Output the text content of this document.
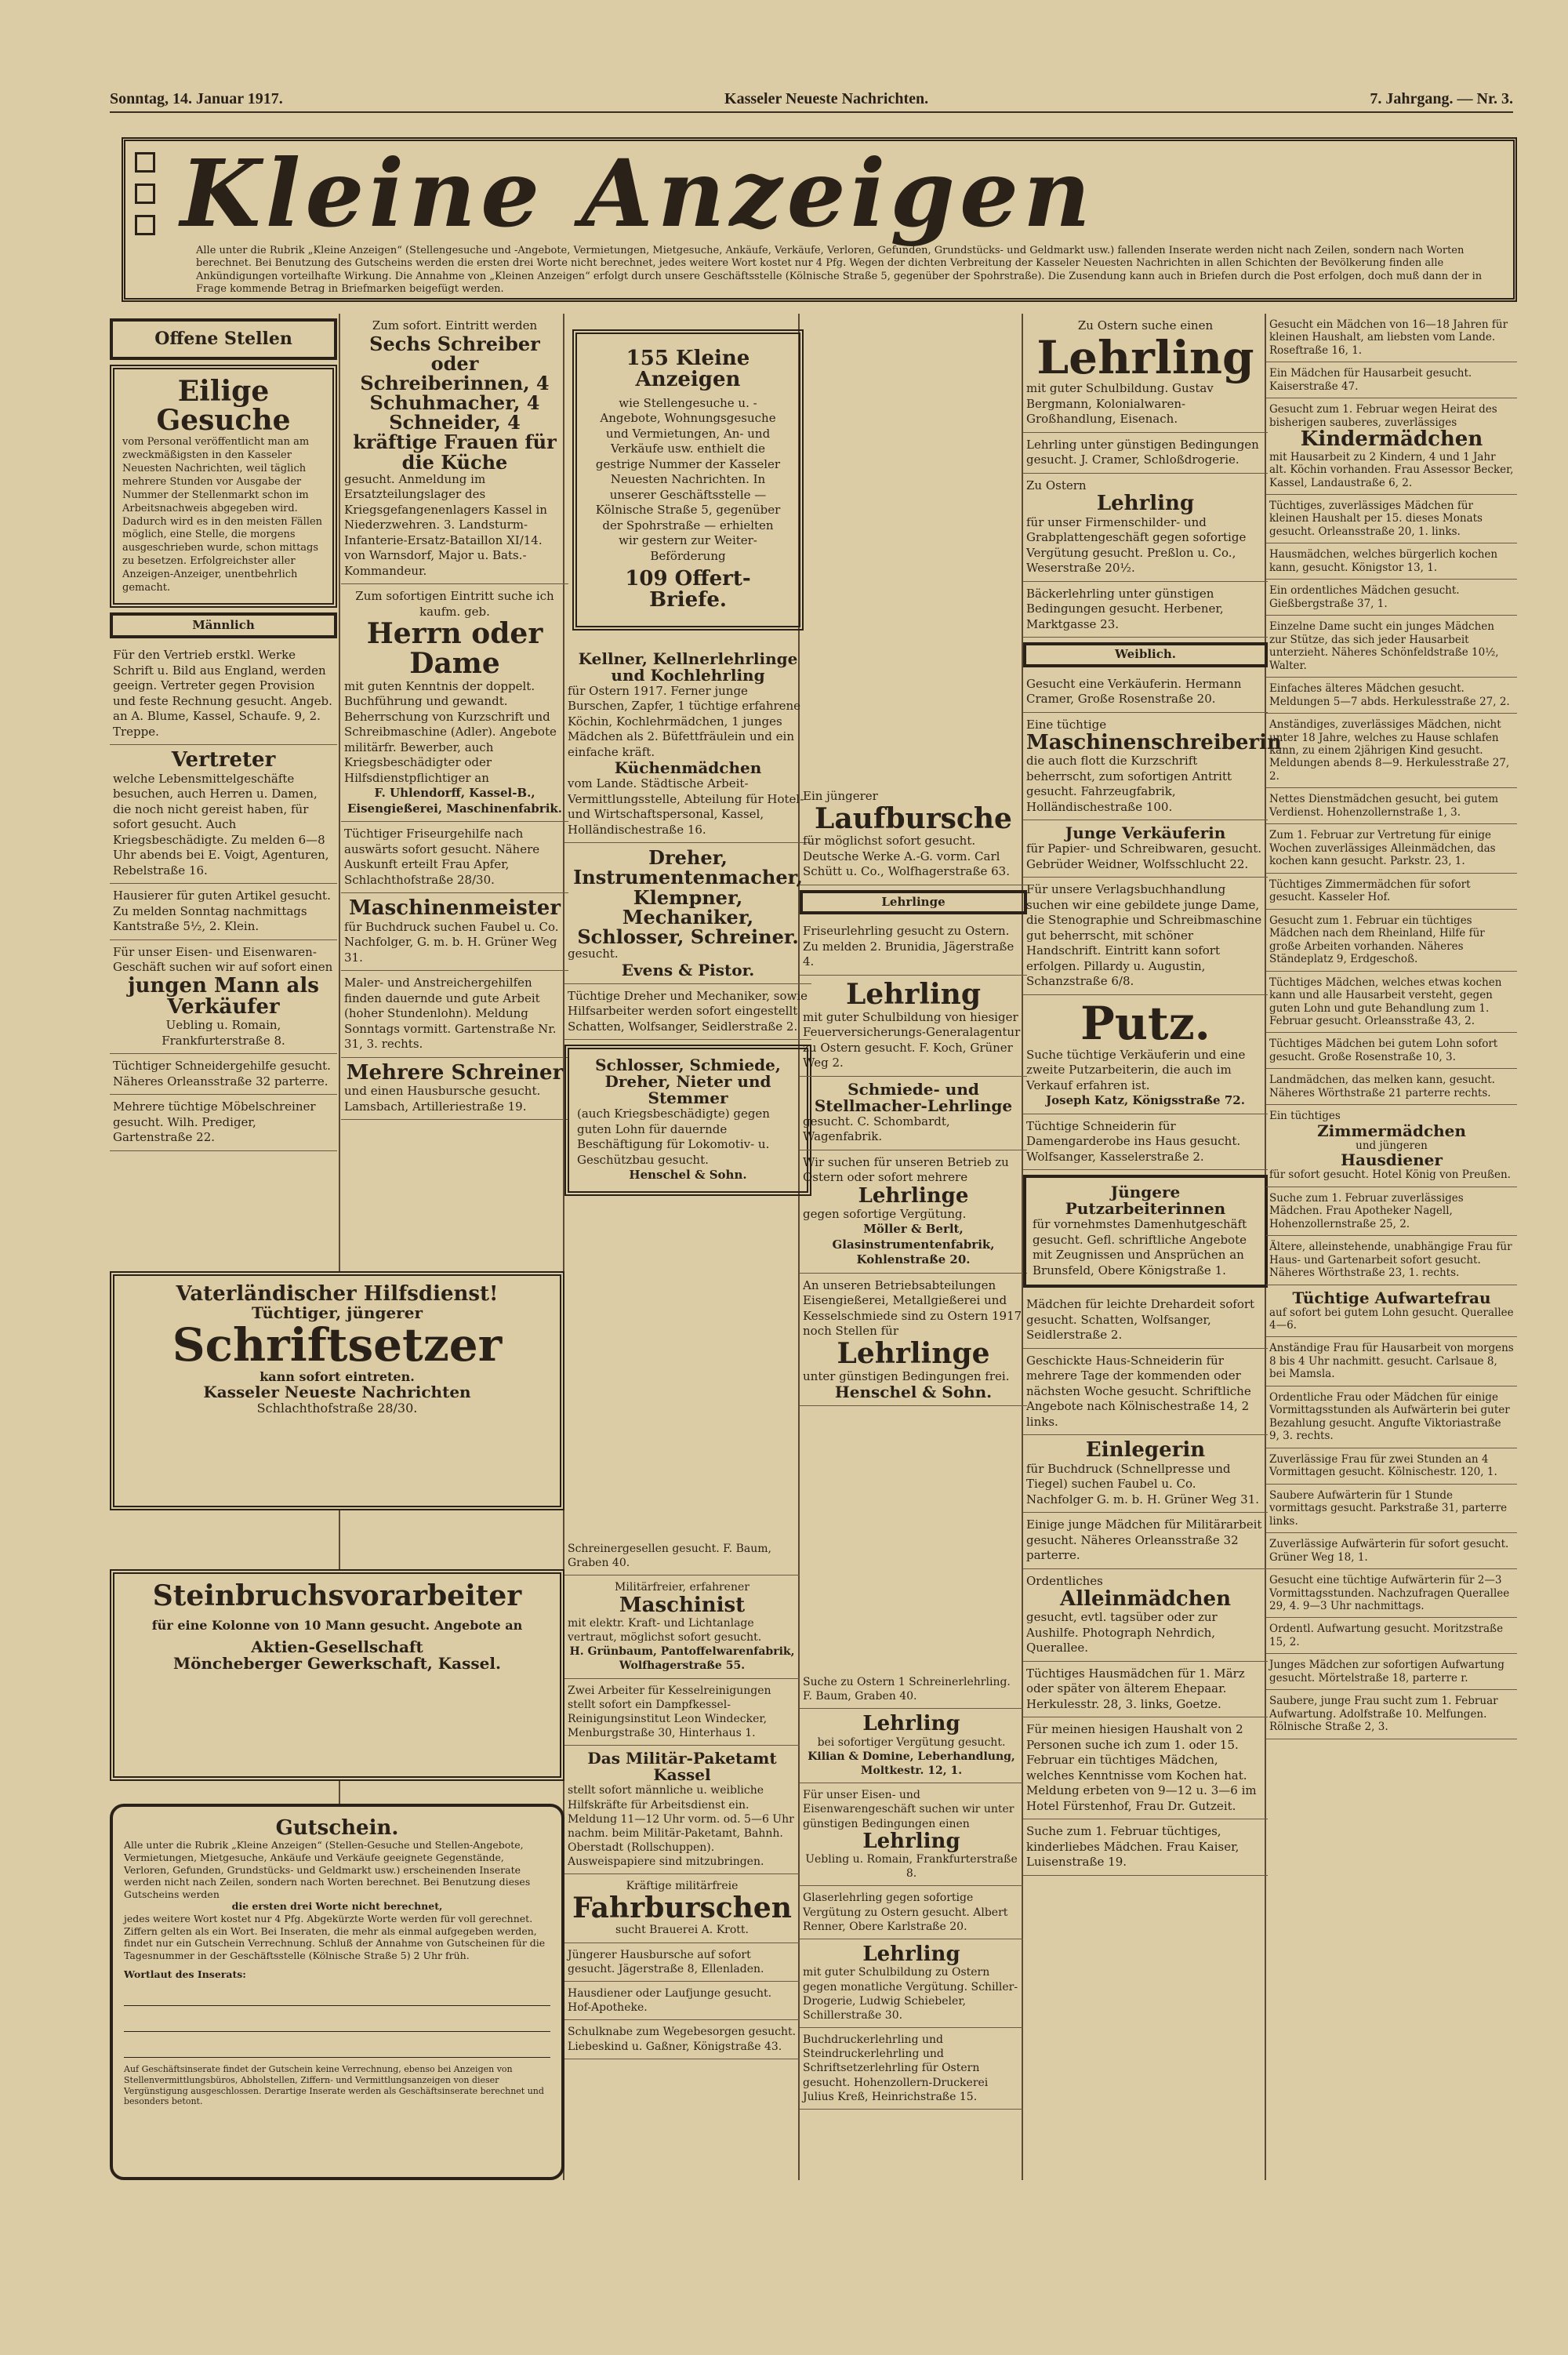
Sonntag, 14. Januar 1917.	Kasseler Neueste Nachrichten.	7. Jahrgang. — Nr. 3.
Kleine Anzeigen
Alle unter die Rubrik „Kleine Anzeigen“ (Stellengesuche und -Angebote, Vermietungen, Mietgesuche, Ankäufe, Verkäufe, Verloren, Gefunden, Grundstücks- und Geldmarkt usw.) fallenden Inserate werden nicht nach Zeilen, sondern nach Worten berechnet. Bei Benutzung des Gutscheins werden die ersten drei Worte nicht berechnet, jedes weitere Wort kostet nur 4 Pfg. Wegen der dichten Verbreitung der Kasseler Neuesten Nachrichten in allen Schichten der Bevölkerung finden alle Ankündigungen vorteilhafte Wirkung. Die Annahme von „Kleinen Anzeigen“ erfolgt durch unsere Geschäftsstelle (Kölnische Straße 5, gegenüber der Spohrstraße). Die Zusendung kann auch in Briefen durch die Post erfolgen, doch muß dann der in Frage kommende Betrag in Briefmarken beigefügt werden.
Offene Stellen
Eilige Gesuche
vom Personal veröffentlicht man am zweckmäßigsten in den Kasseler Neuesten Nachrichten, weil täglich mehrere Stunden vor Ausgabe der Nummer der Stellenmarkt schon im Arbeitsnachweis abgegeben wird. Dadurch wird es in den meisten Fällen möglich, eine Stelle, die morgens ausgeschrieben wurde, schon mittags zu besetzen. Erfolgreichster aller Anzeigen-Anzeiger, unentbehrlich gemacht.
Männlich
Für den Vertrieb erstkl. Werke Schrift u. Bild aus England, werden geeign. Vertreter gegen Provision und feste Rechnung gesucht. Angeb. an A. Blume, Kassel, Schaufe. 9, 2. Treppe.
Vertreter
welche Lebensmittelgeschäfte besuchen, auch Herren u. Damen, die noch nicht gereist haben, für sofort gesucht. Auch Kriegsbeschädigte. Zu melden 6—8 Uhr abends bei E. Voigt, Agenturen, Rebelstraße 16.
Hausierer für guten Artikel gesucht. Zu melden Sonntag nachmittags Kantstraße 5½, 2. Klein.
Für unser Eisen- und Eisenwaren-Geschäft suchen wir auf sofort einen
jungen Mann als Verkäufer
Uebling u. Romain, Frankfurterstraße 8.
Tüchtiger Schneidergehilfe gesucht. Näheres Orleansstraße 32 parterre.
Mehrere tüchtige Möbelschreiner gesucht. Wilh. Prediger, Gartenstraße 22.
Zum sofort. Eintritt werden
Sechs Schreiber oder Schreiberinnen, 4 Schuhmacher, 4 Schneider, 4 kräftige Frauen für die Küche
gesucht. Anmeldung im Ersatzteilungslager des Kriegsgefangenenlagers Kassel in Niederzwehren. 3. Landsturm-Infanterie-Ersatz-Bataillon XI/14. von Warnsdorf, Major u. Bats.-Kommandeur.
Zum sofortigen Eintritt suche ich kaufm. geb.
Herrn oder Dame
mit guten Kenntnis der doppelt. Buchführung und gewandt. Beherrschung von Kurzschrift und Schreibmaschine (Adler). Angebote militärfr. Bewerber, auch Kriegsbeschädigter oder Hilfsdienstpflichtiger an
F. Uhlendorff, Kassel-B., Eisengießerei, Maschinenfabrik.
Tüchtiger Friseurgehilfe nach auswärts sofort gesucht. Nähere Auskunft erteilt Frau Apfer, Schlachthofstraße 28/30.
Maschinenmeister
für Buchdruck suchen Faubel u. Co. Nachfolger, G. m. b. H. Grüner Weg 31.
Maler- und Anstreichergehilfen finden dauernde und gute Arbeit (hoher Stundenlohn). Meldung Sonntags vormitt. Gartenstraße Nr. 31, 3. rechts.
Mehrere Schreiner
und einen Hausbursche gesucht. Lamsbach, Artilleriestraße 19.
155 Kleine Anzeigen
wie Stellengesuche u. -Angebote, Wohnungsgesuche und Vermietungen, An- und Verkäufe usw. enthielt die gestrige Nummer der Kasseler Neuesten Nachrichten. In unserer Geschäftsstelle — Kölnische Straße 5, gegenüber der Spohrstraße — erhielten wir gestern zur Weiter-Beförderung
109 Offert-Briefe.
Kellner, Kellnerlehrlinge und Kochlehrling
für Ostern 1917. Ferner junge Burschen, Zapfer, 1 tüchtige erfahrene Köchin, Kochlehrmädchen, 1 junges Mädchen als 2. Büfettfräulein und ein einfache kräft.
Küchenmädchen
vom Lande. Städtische Arbeit-Vermittlungsstelle, Abteilung für Hotel- und Wirtschaftspersonal, Kassel, Holländischestraße 16.
Dreher, Instrumentenmacher, Klempner, Mechaniker, Schlosser, Schreiner.
gesucht.
Evens & Pistor.
Tüchtige Dreher und Mechaniker, sowie Hilfsarbeiter werden sofort eingestellt Schatten, Wolfsanger, Seidlerstraße 2.
Schlosser, Schmiede, Dreher, Nieter und Stemmer
(auch Kriegsbeschädigte) gegen guten Lohn für dauernde Beschäftigung für Lokomotiv- u. Geschützbau gesucht.
Henschel & Sohn.
Ein jüngerer
Laufbursche
für möglichst sofort gesucht. Deutsche Werke A.-G. vorm. Carl Schütt u. Co., Wolfhagerstraße 63.
Lehrlinge
Friseurlehrling gesucht zu Ostern. Zu melden 2. Brunidia, Jägerstraße 4.
Lehrling
mit guter Schulbildung von hiesiger Feuerversicherungs-Generalagentur zu Ostern gesucht. F. Koch, Grüner Weg 2.
Schmiede- und Stellmacher-Lehrlinge
gesucht. C. Schombardt, Wagenfabrik.
Wir suchen für unseren Betrieb zu Ostern oder sofort mehrere
Lehrlinge
gegen sofortige Vergütung.
Möller & Berlt, Glasinstrumentenfabrik, Kohlenstraße 20.
An unseren Betriebsabteilungen Eisengießerei, Metallgießerei und Kesselschmiede sind zu Ostern 1917 noch Stellen für
Lehrlinge
unter günstigen Bedingungen frei.
Henschel & Sohn.
Zu Ostern suche einen
Lehrling
mit guter Schulbildung. Gustav Bergmann, Kolonialwaren-Großhandlung, Eisenach.
Lehrling unter günstigen Bedingungen gesucht. J. Cramer, Schloßdrogerie.
Zu Ostern
Lehrling
für unser Firmenschilder- und Grabplattengeschäft gegen sofortige Vergütung gesucht. Preßlon u. Co., Weserstraße 20½.
Bäckerlehrling unter günstigen Bedingungen gesucht. Herbener, Marktgasse 23.
Weiblich.
Gesucht eine Verkäuferin. Hermann Cramer, Große Rosenstraße 20.
Eine tüchtige
Maschinenschreiberin
die auch flott die Kurzschrift beherrscht, zum sofortigen Antritt gesucht. Fahrzeugfabrik, Holländischestraße 100.
Junge Verkäuferin
für Papier- und Schreibwaren, gesucht. Gebrüder Weidner, Wolfsschlucht 22.
Für unsere Verlagsbuchhandlung suchen wir eine gebildete junge Dame, die Stenographie und Schreibmaschine gut beherrscht, mit schöner Handschrift. Eintritt kann sofort erfolgen. Pillardy u. Augustin, Schanzstraße 6/8.
Putz.
Suche tüchtige Verkäuferin und eine zweite Putzarbeiterin, die auch im Verkauf erfahren ist.
Joseph Katz, Königsstraße 72.
Tüchtige Schneiderin für Damengarderobe ins Haus gesucht. Wolfsanger, Kasselerstraße 2.
Jüngere Putzarbeiterinnen
für vornehmstes Damenhutgeschäft gesucht. Gefl. schriftliche Angebote mit Zeugnissen und Ansprüchen an Brunsfeld, Obere Königstraße 1.
Mädchen für leichte Drehardeit sofort gesucht. Schatten, Wolfsanger, Seidlerstraße 2.
Geschickte Haus-Schneiderin für mehrere Tage der kommenden oder nächsten Woche gesucht. Schriftliche Angebote nach Kölnischestraße 14, 2 links.
Einlegerin
für Buchdruck (Schnellpresse und Tiegel) suchen Faubel u. Co. Nachfolger G. m. b. H. Grüner Weg 31.
Einige junge Mädchen für Militärarbeit gesucht. Näheres Orleansstraße 32 parterre.
Ordentliches
Alleinmädchen
gesucht, evtl. tagsüber oder zur Aushilfe. Photograph Nehrdich, Querallee.
Tüchtiges Hausmädchen für 1. März oder später von älterem Ehepaar. Herkulesstr. 28, 3. links, Goetze.
Für meinen hiesigen Haushalt von 2 Personen suche ich zum 1. oder 15. Februar ein tüchtiges Mädchen, welches Kenntnisse vom Kochen hat. Meldung erbeten von 9—12 u. 3—6 im Hotel Fürstenhof, Frau Dr. Gutzeit.
Suche zum 1. Februar tüchtiges, kinderliebes Mädchen. Frau Kaiser, Luisenstraße 19.
Gesucht ein Mädchen von 16—18 Jahren für kleinen Haushalt, am liebsten vom Lande. Roseftraße 16, 1.
Ein Mädchen für Hausarbeit gesucht. Kaiserstraße 47.
Gesucht zum 1. Februar wegen Heirat des bisherigen sauberes, zuverlässiges
Kindermädchen
mit Hausarbeit zu 2 Kindern, 4 und 1 Jahr alt. Köchin vorhanden. Frau Assessor Becker, Kassel, Landaustraße 6, 2.
Tüchtiges, zuverlässiges Mädchen für kleinen Haushalt per 15. dieses Monats gesucht. Orleansstraße 20, 1. links.
Hausmädchen, welches bürgerlich kochen kann, gesucht. Königstor 13, 1.
Ein ordentliches Mädchen gesucht. Gießbergstraße 37, 1.
Einzelne Dame sucht ein junges Mädchen zur Stütze, das sich jeder Hausarbeit unterzieht. Näheres Schönfeldstraße 10½, Walter.
Einfaches älteres Mädchen gesucht. Meldungen 5—7 abds. Herkulesstraße 27, 2.
Anständiges, zuverlässiges Mädchen, nicht unter 18 Jahre, welches zu Hause schlafen kann, zu einem 2jährigen Kind gesucht. Meldungen abends 8—9. Herkulesstraße 27, 2.
Nettes Dienstmädchen gesucht, bei gutem Verdienst. Hohenzollernstraße 1, 3.
Zum 1. Februar zur Vertretung für einige Wochen zuverlässiges Alleinmädchen, das kochen kann gesucht. Parkstr. 23, 1.
Tüchtiges Zimmermädchen für sofort gesucht. Kasseler Hof.
Gesucht zum 1. Februar ein tüchtiges Mädchen nach dem Rheinland, Hilfe für große Arbeiten vorhanden. Näheres Ständeplatz 9, Erdgeschoß.
Tüchtiges Mädchen, welches etwas kochen kann und alle Hausarbeit versteht, gegen guten Lohn und gute Behandlung zum 1. Februar gesucht. Orleansstraße 43, 2.
Tüchtiges Mädchen bei gutem Lohn sofort gesucht. Große Rosenstraße 10, 3.
Landmädchen, das melken kann, gesucht. Näheres Wörthstraße 21 parterre rechts.
Ein tüchtiges
Zimmermädchen
und jüngeren
Hausdiener
für sofort gesucht. Hotel König von Preußen.
Suche zum 1. Februar zuverlässiges Mädchen. Frau Apotheker Nagell, Hohenzollernstraße 25, 2.
Ältere, alleinstehende, unabhängige Frau für Haus- und Gartenarbeit sofort gesucht. Näheres Wörthstraße 23, 1. rechts.
Tüchtige Aufwartefrau
auf sofort bei gutem Lohn gesucht. Querallee 4—6.
Anständige Frau für Hausarbeit von morgens 8 bis 4 Uhr nachmitt. gesucht. Carlsaue 8, bei Mamsla.
Ordentliche Frau oder Mädchen für einige Vormittagsstunden als Aufwärterin bei guter Bezahlung gesucht. Angufte Viktoriastraße 9, 3. rechts.
Zuverlässige Frau für zwei Stunden an 4 Vormittagen gesucht. Kölnischestr. 120, 1.
Saubere Aufwärterin für 1 Stunde vormittags gesucht. Parkstraße 31, parterre links.
Zuverlässige Aufwärterin für sofort gesucht. Grüner Weg 18, 1.
Gesucht eine tüchtige Aufwärterin für 2—3 Vormittagsstunden. Nachzufragen Querallee 29, 4. 9—3 Uhr nachmittags.
Ordentl. Aufwartung gesucht. Moritzstraße 15, 2.
Junges Mädchen zur sofortigen Aufwartung gesucht. Mörtelstraße 18, parterre r.
Saubere, junge Frau sucht zum 1. Februar Aufwartung. Adolfstraße 10. Melfungen. Rölnische Straße 2, 3.
Vaterländischer Hilfsdienst!
Tüchtiger, jüngerer
Schriftsetzer
kann sofort eintreten.
Kasseler Neueste Nachrichten
Schlachthofstraße 28/30.
Steinbruchsvorarbeiter
für eine Kolonne von 10 Mann gesucht. Angebote an
Aktien-Gesellschaft
Möncheberger Gewerkschaft, Kassel.
Gutschein.
Alle unter die Rubrik „Kleine Anzeigen“ (Stellen-Gesuche und Stellen-Angebote, Vermietungen, Mietgesuche, Ankäufe und Verkäufe geeignete Gegenstände, Verloren, Gefunden, Grundstücks- und Geldmarkt usw.) erscheinenden Inserate werden nicht nach Zeilen, sondern nach Worten berechnet. Bei Benutzung dieses Gutscheins werden
die ersten drei Worte nicht berechnet,
jedes weitere Wort kostet nur 4 Pfg. Abgekürzte Worte werden für voll gerechnet. Ziffern gelten als ein Wort. Bei Inseraten, die mehr als einmal aufgegeben werden, findet nur ein Gutschein Verrechnung. Schluß der Annahme von Gutscheinen für die Tagesnummer in der Geschäftsstelle (Kölnische Straße 5) 2 Uhr früh.
Wortlaut des Inserats:
Auf Geschäftsinserate findet der Gutschein keine Verrechnung, ebenso bei Anzeigen von Stellenvermittlungsbüros, Abholstellen, Ziffern- und Vermittlungsanzeigen von dieser Vergünstigung ausgeschlossen. Derartige Inserate werden als Geschäftsinserate berechnet und besonders betont.
Schreinergesellen gesucht. F. Baum, Graben 40.
Militärfreier, erfahrener
Maschinist
mit elektr. Kraft- und Lichtanlage vertraut, möglichst sofort gesucht.
H. Grünbaum, Pantoffelwarenfabrik, Wolfhagerstraße 55.
Zwei Arbeiter für Kesselreinigungen stellt sofort ein Dampfkessel-Reinigungsinstitut Leon Windecker, Menburgstraße 30, Hinterhaus 1.
Das Militär-Paketamt Kassel
stellt sofort männliche u. weibliche Hilfskräfte für Arbeitsdienst ein. Meldung 11—12 Uhr vorm. od. 5—6 Uhr nachm. beim Militär-Paketamt, Bahnh. Oberstadt (Rollschuppen). Ausweispapiere sind mitzubringen.
Kräftige militärfreie
Fahrburschen
sucht Brauerei A. Krott.
Jüngerer Hausbursche auf sofort gesucht. Jägerstraße 8, Ellenladen.
Hausdiener oder Laufjunge gesucht. Hof-Apotheke.
Schulknabe zum Wegebesorgen gesucht. Liebeskind u. Gaßner, Königstraße 43.
Suche zu Ostern 1 Schreinerlehrling. F. Baum, Graben 40.
Lehrling
bei sofortiger Vergütung gesucht.
Kilian & Domine, Leberhandlung, Moltkestr. 12, 1.
Für unser Eisen- und Eisenwarengeschäft suchen wir unter günstigen Bedingungen einen
Lehrling
Uebling u. Romain, Frankfurterstraße 8.
Glaserlehrling gegen sofortige Vergütung zu Ostern gesucht. Albert Renner, Obere Karlstraße 20.
Lehrling
mit guter Schulbildung zu Ostern gegen monatliche Vergütung. Schiller-Drogerie, Ludwig Schiebeler, Schillerstraße 30.
Buchdruckerlehrling und Steindruckerlehrling und Schriftsetzerlehrling für Ostern gesucht. Hohenzollern-Druckerei Julius Kreß, Heinrichstraße 15.
